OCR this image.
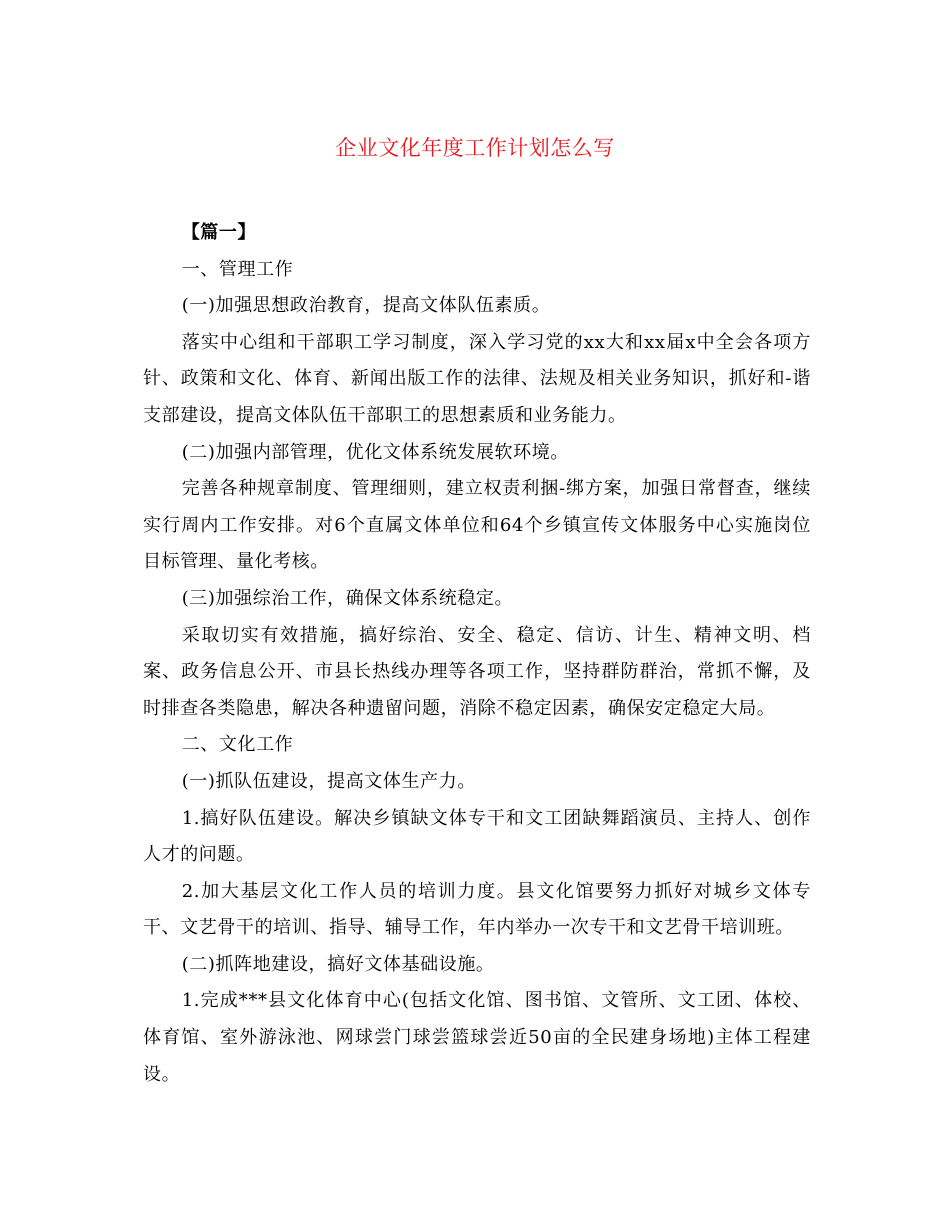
企业文化年度工作计划怎么写

【篇一】

一、管理工作

(一)加强思想政治教育，提高文体队伍素质。

落实中心组和干部职工学习制度，深入学习党的xx大和xx届x中全会各项方针、政策和文化、体育、新闻出版工作的法律、法规及相关业务知识，抓好和-谐支部建设，提高文体队伍干部职工的思想素质和业务能力。

(二)加强内部管理，优化文体系统发展软环境。

完善各种规章制度、管理细则，建立权责利捆-绑方案，加强日常督查，继续实行周内工作安排。对6个直属文体单位和64个乡镇宣传文体服务中心实施岗位目标管理、量化考核。

(三)加强综治工作，确保文体系统稳定。

采取切实有效措施，搞好综治、安全、稳定、信访、计生、精神文明、档案、政务信息公开、市县长热线办理等各项工作，坚持群防群治，常抓不懈，及时排查各类隐患，解决各种遗留问题，消除不稳定因素，确保安定稳定大局。

二、文化工作

(一)抓队伍建设，提高文体生产力。

1.搞好队伍建设。解决乡镇缺文体专干和文工团缺舞蹈演员、主持人、创作人才的问题。

2.加大基层文化工作人员的培训力度。县文化馆要努力抓好对城乡文体专干、文艺骨干的培训、指导、辅导工作，年内举办一次专干和文艺骨干培训班。

(二)抓阵地建设，搞好文体基础设施。

1.完成***县文化体育中心(包括文化馆、图书馆、文管所、文工团、体校、体育馆、室外游泳池、网球尝门球尝篮球尝近50亩的全民建身场地)主体工程建设。
